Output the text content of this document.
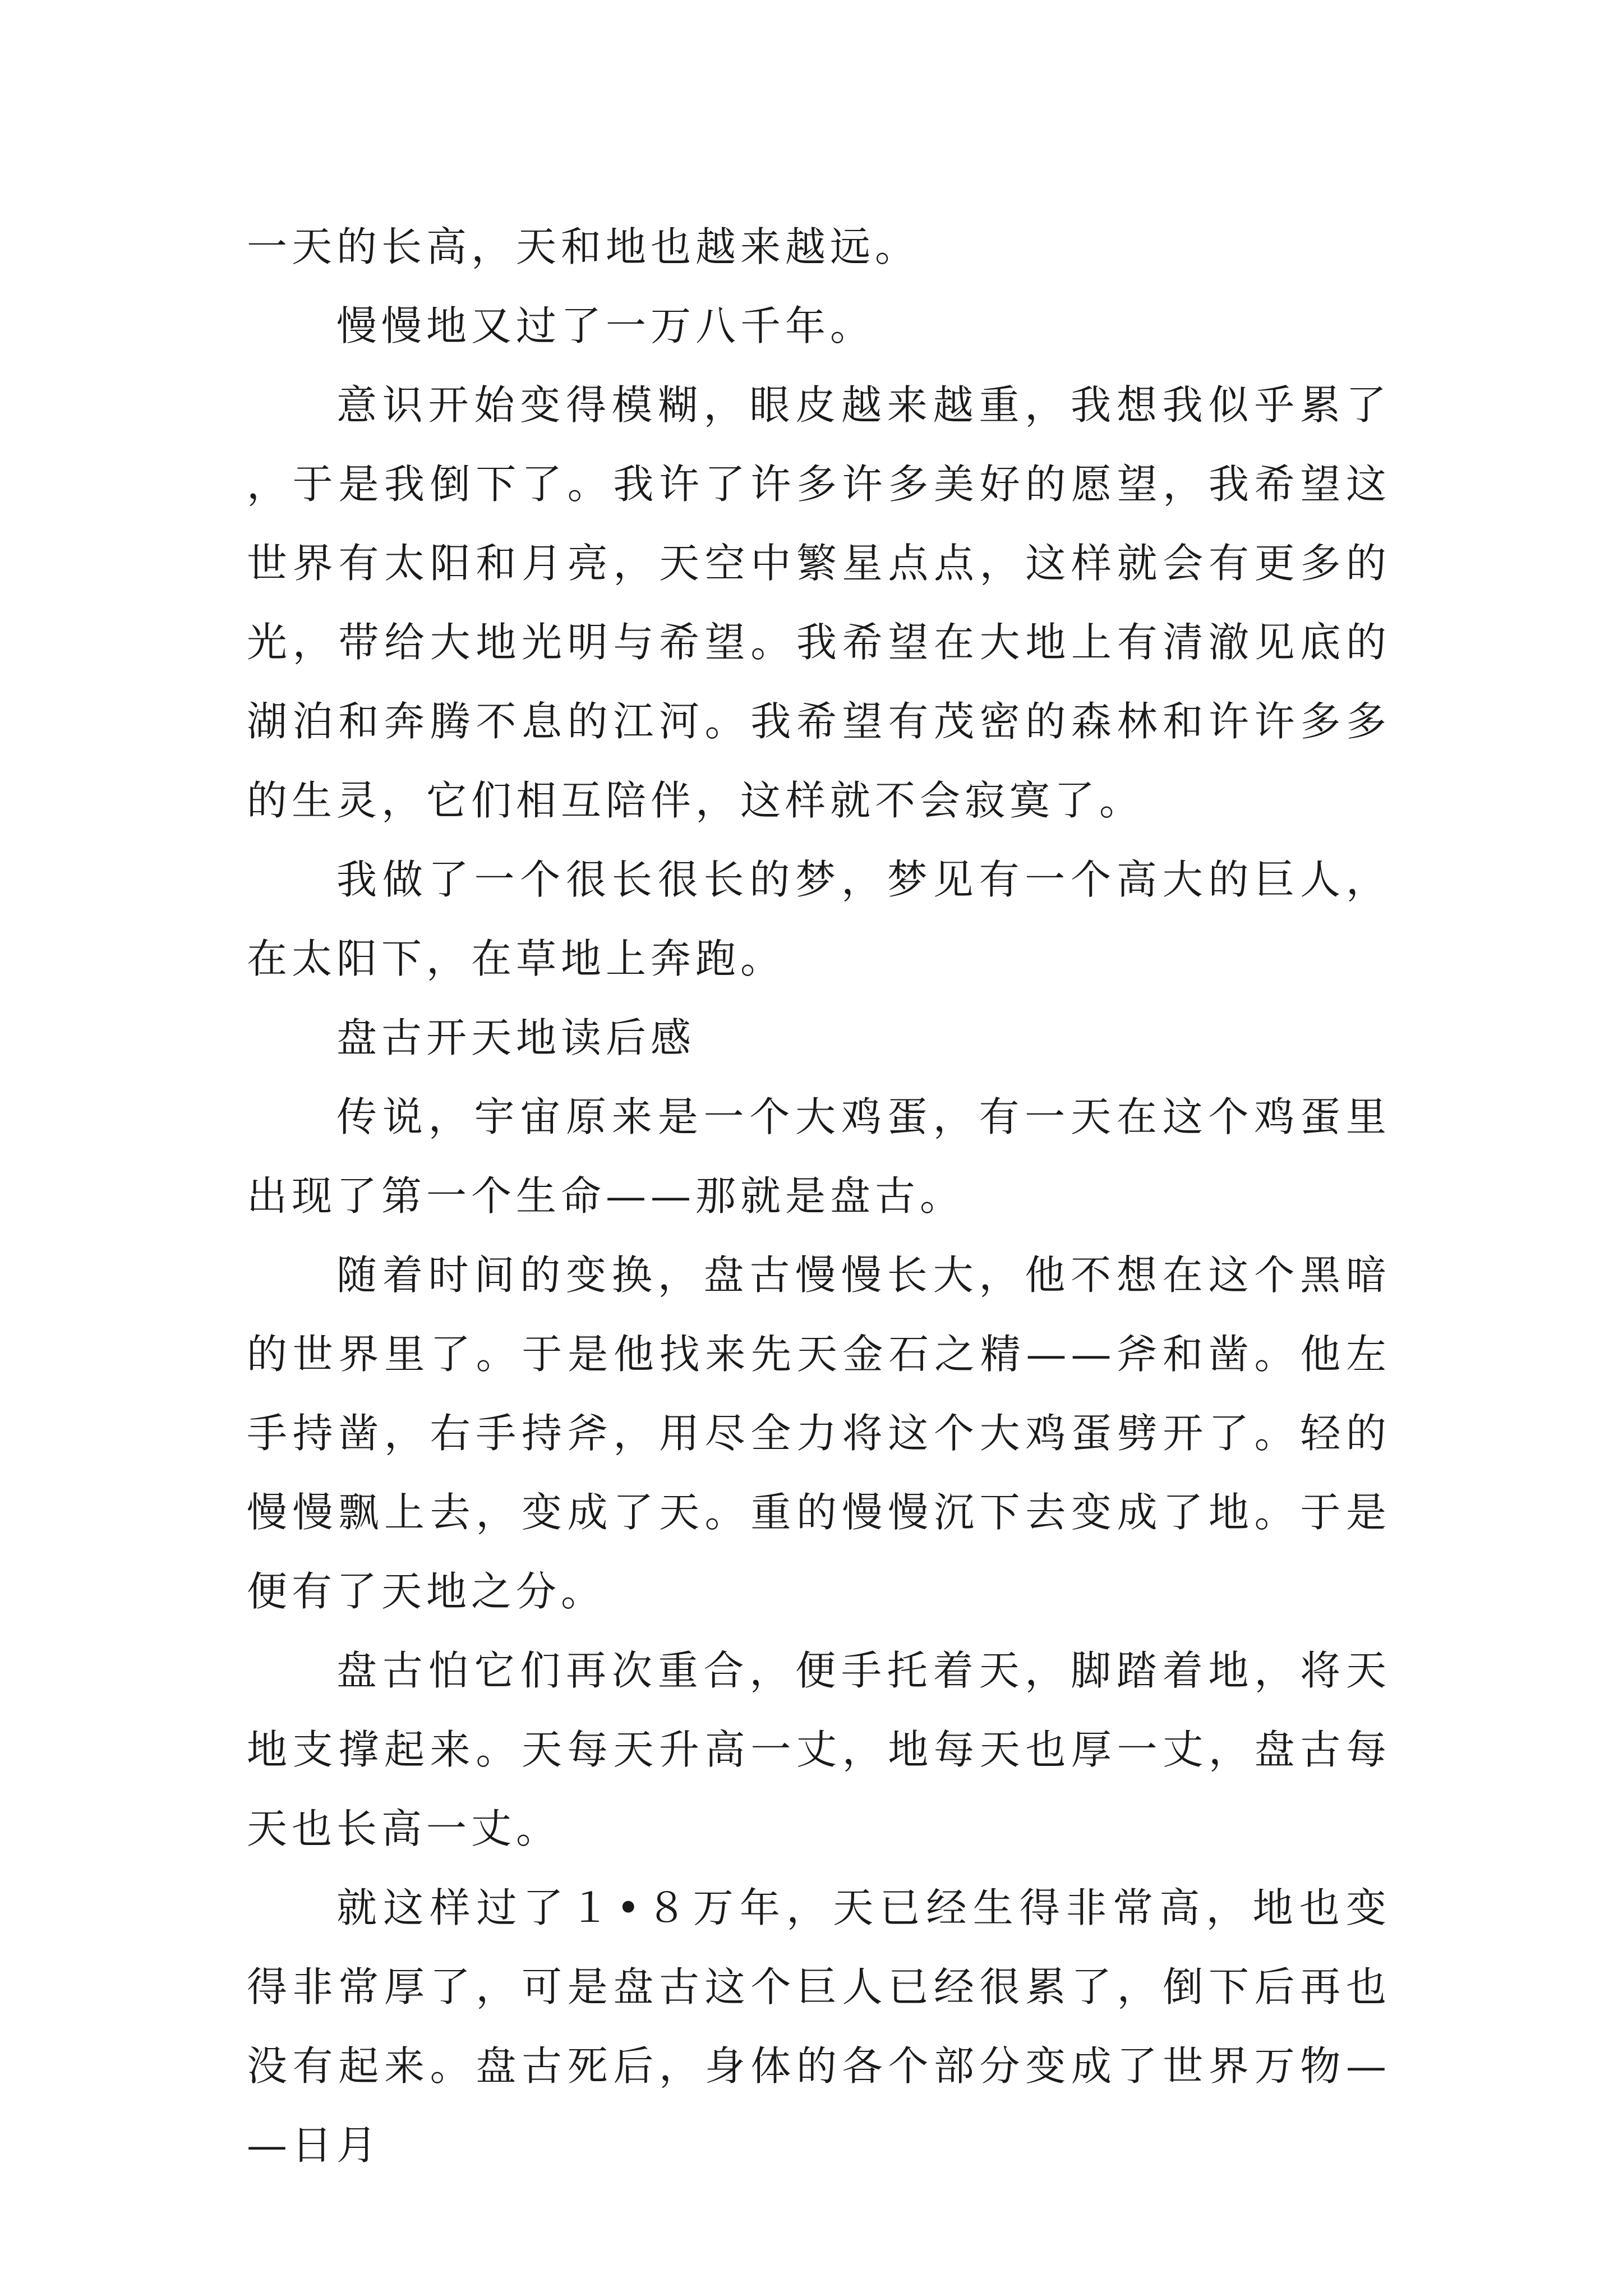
一天的长高，天和地也越来越远。

慢慢地又过了一万八千年。

意识开始变得模糊，眼皮越来越重，我想我似乎累了，于是我倒下了。我许了许多许多美好的愿望，我希望这世界有太阳和月亮，天空中繁星点点，这样就会有更多的光，带给大地光明与希望。我希望在大地上有清澈见底的湖泊和奔腾不息的江河。我希望有茂密的森林和许许多多的生灵，它们相互陪伴，这样就不会寂寞了。

我做了一个很长很长的梦，梦见有一个高大的巨人，在太阳下，在草地上奔跑。

盘古开天地读后感

传说，宇宙原来是一个大鸡蛋，有一天在这个鸡蛋里出现了第一个生命——那就是盘古。

随着时间的变换，盘古慢慢长大，他不想在这个黑暗的世界里了。于是他找来先天金石之精——斧和凿。他左手持凿，右手持斧，用尽全力将这个大鸡蛋劈开了。轻的慢慢飘上去，变成了天。重的慢慢沉下去变成了地。于是便有了天地之分。

盘古怕它们再次重合，便手托着天，脚踏着地，将天地支撑起来。天每天升高一丈，地每天也厚一丈，盘古每天也长高一丈。

就这样过了１•８万年，天已经生得非常高，地也变得非常厚了，可是盘古这个巨人已经很累了，倒下后再也没有起来。盘古死后，身体的各个部分变成了世界万物——日月
